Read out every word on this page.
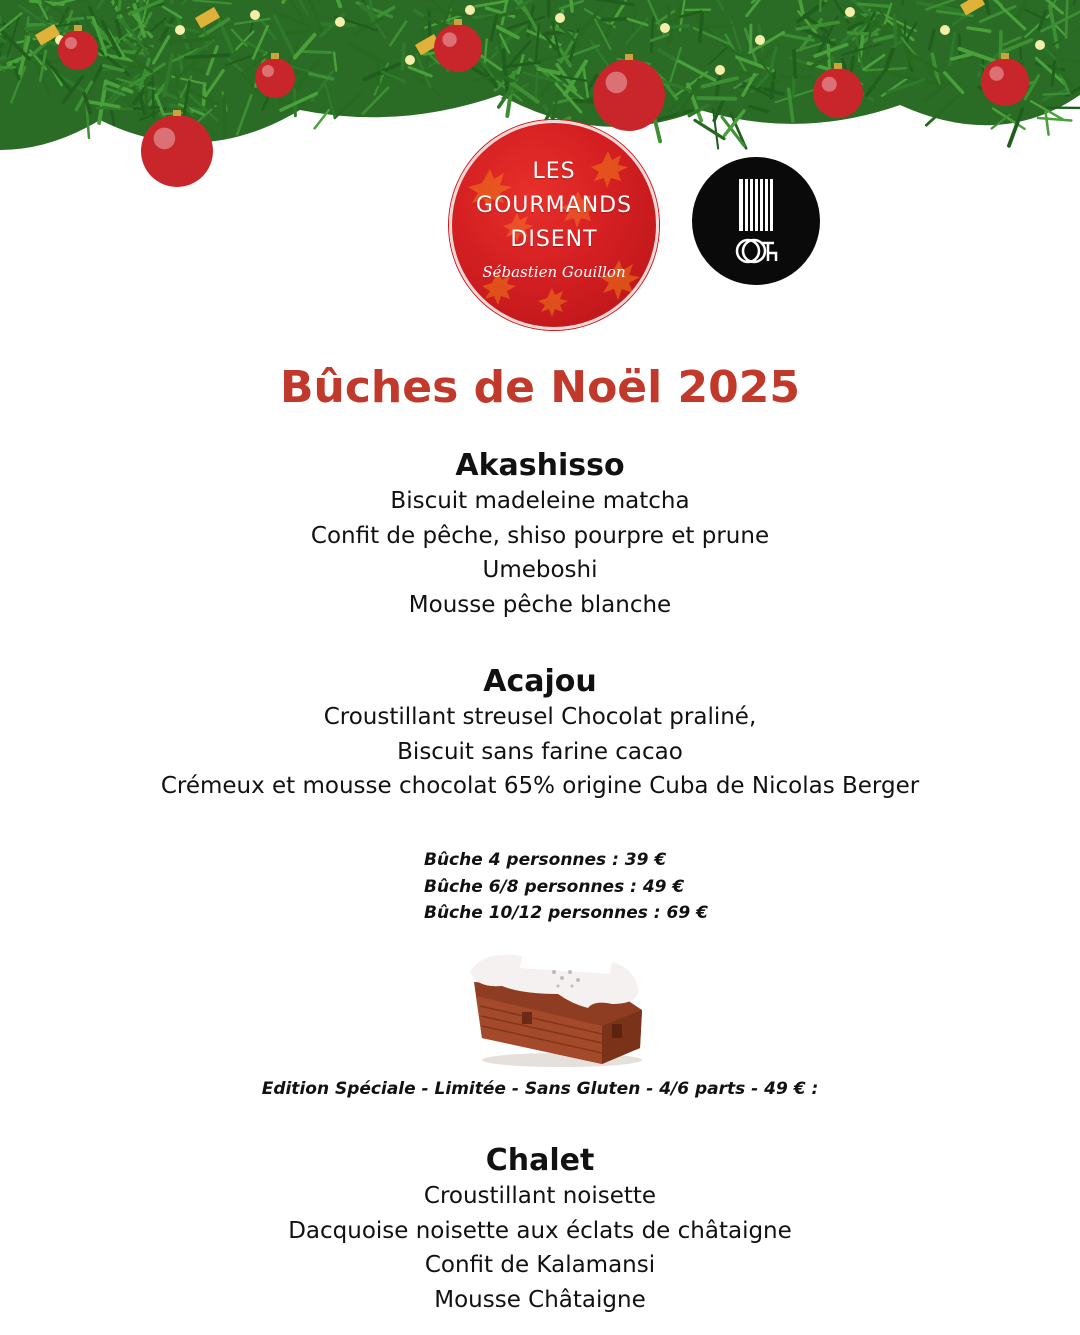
LES
GOURMANDS
DISENT
Sébastien Gouillon
Bûches de Noël 2025
Akashisso
Biscuit madeleine matcha
Confit de pêche, shiso pourpre et prune
Umeboshi
Mousse pêche blanche
Acajou
Croustillant streusel Chocolat praliné,
Biscuit sans farine cacao
Crémeux et mousse chocolat 65% origine Cuba de Nicolas Berger
Bûche 4 personnes : 39 €
Bûche 6/8 personnes : 49 €
Bûche 10/12 personnes : 69 €
Edition Spéciale - Limitée - Sans Gluten - 4/6 parts - 49 € :
Chalet
Croustillant noisette
Dacquoise noisette aux éclats de châtaigne
Confit de Kalamansi
Mousse Châtaigne
